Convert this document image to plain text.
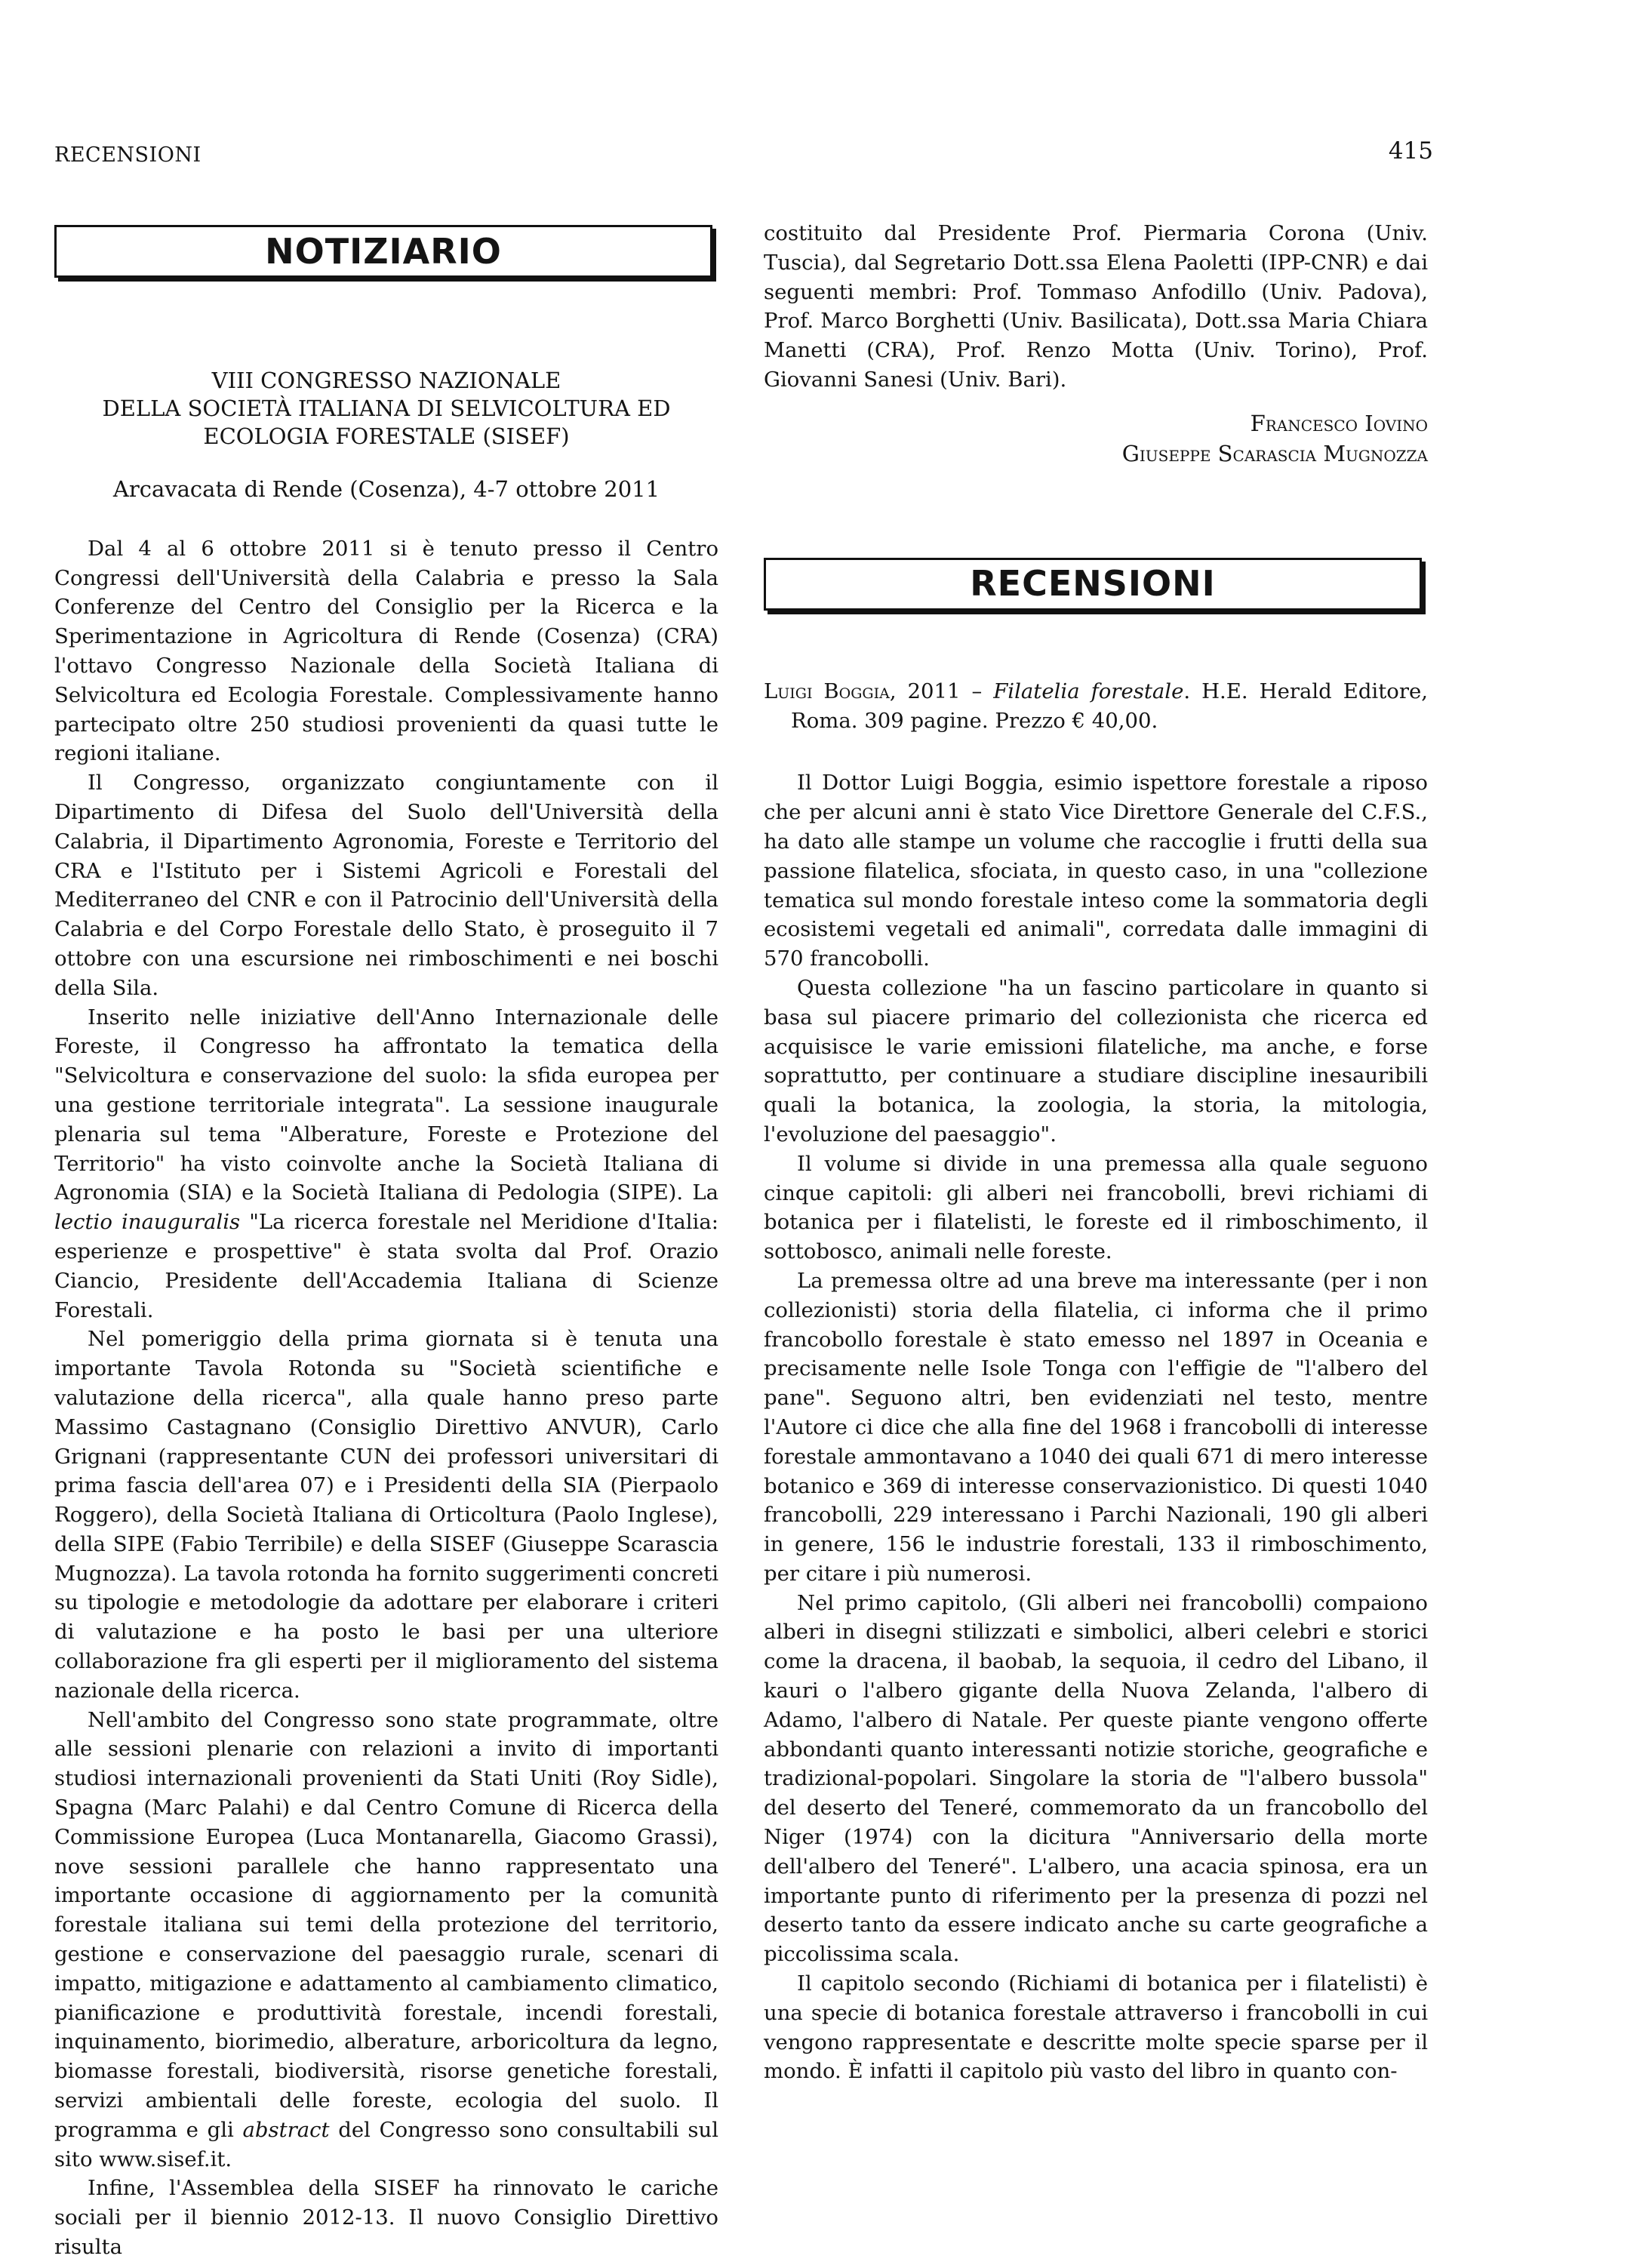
RECENSIONI	415
NOTIZIARIO
VIII CONGRESSO NAZIONALE
DELLA SOCIETÀ ITALIANA DI SELVICOLTURA ED
ECOLOGIA FORESTALE (SISEF)
Arcavacata di Rende (Cosenza), 4-7 ottobre 2011

Dal 4 al 6 ottobre 2011 si è tenuto presso il Centro Congressi dell'Università della Calabria e presso la Sala Conferenze del Centro del Consiglio per la Ricerca e la Sperimentazione in Agricoltura di Rende (Cosenza) (CRA) l'ottavo Congresso Nazionale della Società Italiana di Selvicoltura ed Ecologia Forestale. Complessivamente hanno partecipato oltre 250 studiosi provenienti da quasi tutte le regioni italiane.

Il Congresso, organizzato congiuntamente con il Dipartimento di Difesa del Suolo dell'Università della Calabria, il Dipartimento Agronomia, Foreste e Territorio del CRA e l'Istituto per i Sistemi Agricoli e Forestali del Mediterraneo del CNR e con il Patrocinio dell'Università della Calabria e del Corpo Forestale dello Stato, è proseguito il 7 ottobre con una escursione nei rimboschimenti e nei boschi della Sila.

Inserito nelle iniziative dell'Anno Internazionale delle Foreste, il Congresso ha affrontato la tematica della "Selvicoltura e conservazione del suolo: la sfida europea per una gestione territoriale integrata". La sessione inaugurale plenaria sul tema "Alberature, Foreste e Protezione del Territorio" ha visto coinvolte anche la Società Italiana di Agronomia (SIA) e la Società Italiana di Pedologia (SIPE). La lectio inauguralis "La ricerca forestale nel Meridione d'Italia: esperienze e prospettive" è stata svolta dal Prof. Orazio Ciancio, Presidente dell'Accademia Italiana di Scienze Forestali.

Nel pomeriggio della prima giornata si è tenuta una importante Tavola Rotonda su "Società scientifiche e valutazione della ricerca", alla quale hanno preso parte Massimo Castagnano (Consiglio Direttivo ANVUR), Carlo Grignani (rappresentante CUN dei professori universitari di prima fascia dell'area 07) e i Presidenti della SIA (Pierpaolo Roggero), della Società Italiana di Orticoltura (Paolo Inglese), della SIPE (Fabio Terribile) e della SISEF (Giuseppe Scarascia Mugnozza). La tavola rotonda ha fornito suggerimenti concreti su tipologie e metodologie da adottare per elaborare i criteri di valutazione e ha posto le basi per una ulteriore collaborazione fra gli esperti per il miglioramento del sistema nazionale della ricerca.

Nell'ambito del Congresso sono state programmate, oltre alle sessioni plenarie con relazioni a invito di importanti studiosi internazionali provenienti da Stati Uniti (Roy Sidle), Spagna (Marc Palahi) e dal Centro Comune di Ricerca della Commissione Europea (Luca Montanarella, Giacomo Grassi), nove sessioni parallele che hanno rappresentato una importante occasione di aggiornamento per la comunità forestale italiana sui temi della protezione del territorio, gestione e conservazione del paesaggio rurale, scenari di impatto, mitigazione e adattamento al cambiamento climatico, pianificazione e produttività forestale, incendi forestali, inquinamento, biorimedio, alberature, arboricoltura da legno, biomasse forestali, biodiversità, risorse genetiche forestali, servizi ambientali delle foreste, ecologia del suolo. Il programma e gli abstract del Congresso sono consultabili sul sito www.sisef.it.

Infine, l'Assemblea della SISEF ha rinnovato le cariche sociali per il biennio 2012-13. Il nuovo Consiglio Direttivo risulta

costituito dal Presidente Prof. Piermaria Corona (Univ. Tuscia), dal Segretario Dott.ssa Elena Paoletti (IPP-CNR) e dai seguenti membri: Prof. Tommaso Anfodillo (Univ. Padova), Prof. Marco Borghetti (Univ. Basilicata), Dott.ssa Maria Chiara Manetti (CRA), Prof. Renzo Motta (Univ. Torino), Prof. Giovanni Sanesi (Univ. Bari).

Francesco Iovino
Giuseppe Scarascia Mugnozza
RECENSIONI
Luigi Boggia, 2011 – Filatelia forestale. H.E. Herald Editore, Roma. 309 pagine. Prezzo € 40,00.

Il Dottor Luigi Boggia, esimio ispettore forestale a riposo che per alcuni anni è stato Vice Direttore Generale del C.F.S., ha dato alle stampe un volume che raccoglie i frutti della sua passione filatelica, sfociata, in questo caso, in una "collezione tematica sul mondo forestale inteso come la sommatoria degli ecosistemi vegetali ed animali", corredata dalle immagini di 570 francobolli.

Questa collezione "ha un fascino particolare in quanto si basa sul piacere primario del collezionista che ricerca ed acquisisce le varie emissioni filateliche, ma anche, e forse soprattutto, per continuare a studiare discipline inesauribili quali la botanica, la zoologia, la storia, la mitologia, l'evoluzione del paesaggio".

Il volume si divide in una premessa alla quale seguono cinque capitoli: gli alberi nei francobolli, brevi richiami di botanica per i filatelisti, le foreste ed il rimboschimento, il sottobosco, animali nelle foreste.

La premessa oltre ad una breve ma interessante (per i non collezionisti) storia della filatelia, ci informa che il primo francobollo forestale è stato emesso nel 1897 in Oceania e precisamente nelle Isole Tonga con l'effigie de "l'albero del pane". Seguono altri, ben evidenziati nel testo, mentre l'Autore ci dice che alla fine del 1968 i francobolli di interesse forestale ammontavano a 1040 dei quali 671 di mero interesse botanico e 369 di interesse conservazionistico. Di questi 1040 francobolli, 229 interessano i Parchi Nazionali, 190 gli alberi in genere, 156 le industrie forestali, 133 il rimboschimento, per citare i più numerosi.

Nel primo capitolo, (Gli alberi nei francobolli) compaiono alberi in disegni stilizzati e simbolici, alberi celebri e storici come la dracena, il baobab, la sequoia, il cedro del Libano, il kauri o l'albero gigante della Nuova Zelanda, l'albero di Adamo, l'albero di Natale. Per queste piante vengono offerte abbondanti quanto interessanti notizie storiche, geografiche e tradizional-popolari. Singolare la storia de "l'albero bussola" del deserto del Teneré, commemorato da un francobollo del Niger (1974) con la dicitura "Anniversario della morte dell'albero del Teneré". L'albero, una acacia spinosa, era un importante punto di riferimento per la presenza di pozzi nel deserto tanto da essere indicato anche su carte geografiche a piccolissima scala.

Il capitolo secondo (Richiami di botanica per i filatelisti) è una specie di botanica forestale attraverso i francobolli in cui vengono rappresentate e descritte molte specie sparse per il mondo. È infatti il capitolo più vasto del libro in quanto con-
